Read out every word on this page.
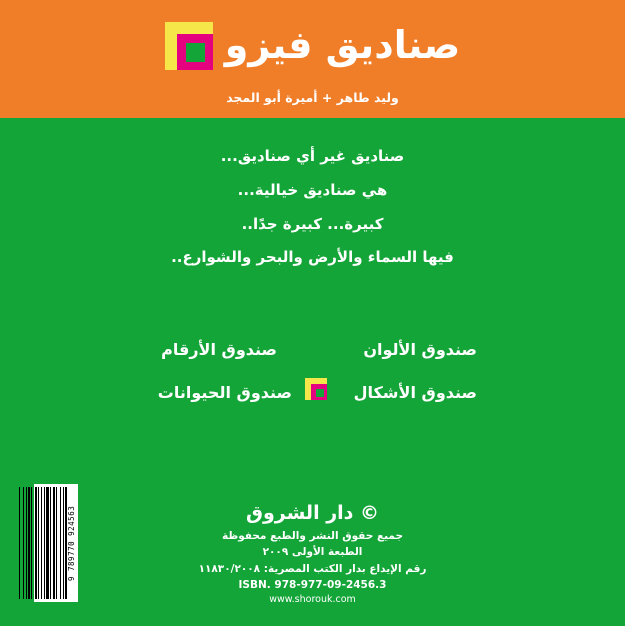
صناديق فيزو
وليد طاهر + أميرة أبو المجد
صناديق غير أي صناديق...
هي صناديق خيالية...
كبيرة... كبيرة جدًا..
فيها السماء والأرض والبحر والشوارع..
صندوق الألوان
صندوق الأرقام
صندوق الأشكال
صندوق الحيوانات
© دار الشروق
جميع حقوق النشر والطبع محفوظة
الطبعة الأولى ٢٠٠٩
رقم الإيداع بدار الكتب المصرية: ١١٨٣٠/٢٠٠٨
ISBN. 978-977-09-2456.3
www.shorouk.com
9 789770 924563
